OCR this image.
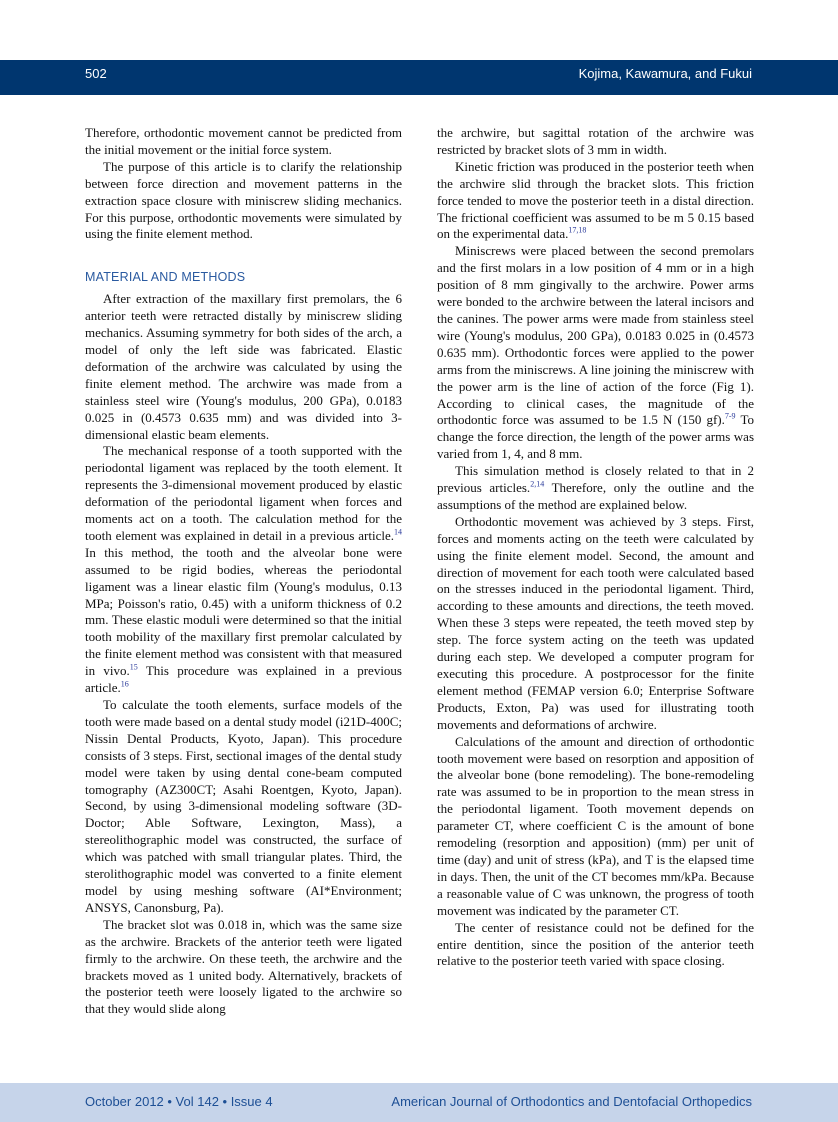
502	Kojima, Kawamura, and Fukui

Therefore, orthodontic movement cannot be predicted from the initial movement or the initial force system.

The purpose of this article is to clarify the relationship between force direction and movement patterns in the extraction space closure with miniscrew sliding mechanics. For this purpose, orthodontic movements were simulated by using the finite element method.

MATERIAL AND METHODS

After extraction of the maxillary first premolars, the 6 anterior teeth were retracted distally by miniscrew sliding mechanics. Assuming symmetry for both sides of the arch, a model of only the left side was fabricated. Elastic deformation of the archwire was calculated by using the finite element method. The archwire was made from a stainless steel wire (Young's modulus, 200 GPa), 0.0183 0.025 in (0.4573 0.635 mm) and was divided into 3-dimensional elastic beam elements.

The mechanical response of a tooth supported with the periodontal ligament was replaced by the tooth element. It represents the 3-dimensional movement produced by elastic deformation of the periodontal ligament when forces and moments act on a tooth. The calculation method for the tooth element was explained in detail in a previous article.$^{14}$ In this method, the tooth and the alveolar bone were assumed to be rigid bodies, whereas the periodontal ligament was a linear elastic film (Young's modulus, 0.13 MPa; Poisson's ratio, 0.45) with a uniform thickness of 0.2 mm. These elastic moduli were determined so that the initial tooth mobility of the maxillary first premolar calculated by the finite element method was consistent with that measured in vivo.$^{15}$ This procedure was explained in a previous article.$^{16}$

To calculate the tooth elements, surface models of the tooth were made based on a dental study model (i21D-400C; Nissin Dental Products, Kyoto, Japan). This procedure consists of 3 steps. First, sectional images of the dental study model were taken by using dental cone-beam computed tomography (AZ300CT; Asahi Roentgen, Kyoto, Japan). Second, by using 3-dimensional modeling software (3D-Doctor; Able Software, Lexington, Mass), a stereolithographic model was constructed, the surface of which was patched with small triangular plates. Third, the sterolithographic model was converted to a finite element model by using meshing software (AI*Environment; ANSYS, Canonsburg, Pa).

The bracket slot was 0.018 in, which was the same size as the archwire. Brackets of the anterior teeth were ligated firmly to the archwire. On these teeth, the archwire and the brackets moved as 1 united body. Alternatively, brackets of the posterior teeth were loosely ligated to the archwire so that they would slide along

the archwire, but sagittal rotation of the archwire was restricted by bracket slots of 3 mm in width.

Kinetic friction was produced in the posterior teeth when the archwire slid through the bracket slots. This friction force tended to move the posterior teeth in a distal direction. The frictional coefficient was assumed to be m 5 0.15 based on the experimental data.$^{17,18}$

Miniscrews were placed between the second premolars and the first molars in a low position of 4 mm or in a high position of 8 mm gingivally to the archwire. Power arms were bonded to the archwire between the lateral incisors and the canines. The power arms were made from stainless steel wire (Young's modulus, 200 GPa), 0.0183 0.025 in (0.4573 0.635 mm). Orthodontic forces were applied to the power arms from the miniscrews. A line joining the miniscrew with the power arm is the line of action of the force (Fig 1). According to clinical cases, the magnitude of the orthodontic force was assumed to be 1.5 N (150 gf).$^{7-9}$ To change the force direction, the length of the power arms was varied from 1, 4, and 8 mm.

This simulation method is closely related to that in 2 previous articles.$^{2,14}$ Therefore, only the outline and the assumptions of the method are explained below.

Orthodontic movement was achieved by 3 steps. First, forces and moments acting on the teeth were calculated by using the finite element model. Second, the amount and direction of movement for each tooth were calculated based on the stresses induced in the periodontal ligament. Third, according to these amounts and directions, the teeth moved. When these 3 steps were repeated, the teeth moved step by step. The force system acting on the teeth was updated during each step. We developed a computer program for executing this procedure. A postprocessor for the finite element method (FEMAP version 6.0; Enterprise Software Products, Exton, Pa) was used for illustrating tooth movements and deformations of archwire.

Calculations of the amount and direction of orthodontic tooth movement were based on resorption and apposition of the alveolar bone (bone remodeling). The bone-remodeling rate was assumed to be in proportion to the mean stress in the periodontal ligament. Tooth movement depends on parameter CT, where coefficient C is the amount of bone remodeling (resorption and apposition) (mm) per unit of time (day) and unit of stress (kPa), and T is the elapsed time in days. Then, the unit of the CT becomes mm/kPa. Because a reasonable value of C was unknown, the progress of tooth movement was indicated by the parameter CT.

The center of resistance could not be defined for the entire dentition, since the position of the anterior teeth relative to the posterior teeth varied with space closing.

October 2012 • Vol 142 • Issue 4	American Journal of Orthodontics and Dentofacial Orthopedics
